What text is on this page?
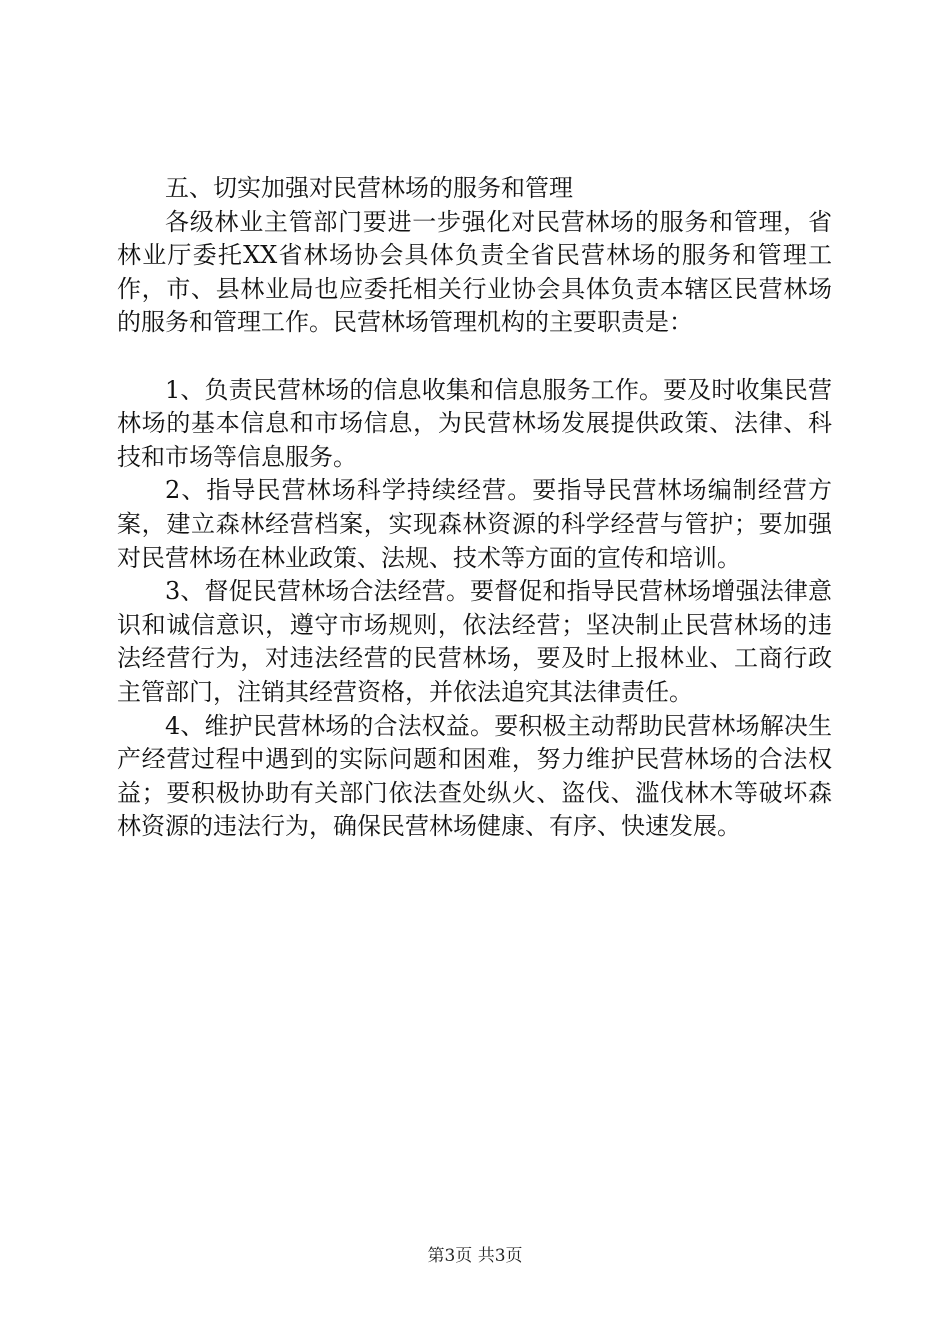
五、切实加强对民营林场的服务和管理

各级林业主管部门要进一步强化对民营林场的服务和管理，省林业厅委托XX省林场协会具体负责全省民营林场的服务和管理工作，市、县林业局也应委托相关行业协会具体负责本辖区民营林场的服务和管理工作。民营林场管理机构的主要职责是：

1、负责民营林场的信息收集和信息服务工作。要及时收集民营林场的基本信息和市场信息，为民营林场发展提供政策、法律、科技和市场等信息服务。

2、指导民营林场科学持续经营。要指导民营林场编制经营方案，建立森林经营档案，实现森林资源的科学经营与管护；要加强对民营林场在林业政策、法规、技术等方面的宣传和培训。

3、督促民营林场合法经营。要督促和指导民营林场增强法律意识和诚信意识，遵守市场规则，依法经营；坚决制止民营林场的违法经营行为，对违法经营的民营林场，要及时上报林业、工商行政主管部门，注销其经营资格，并依法追究其法律责任。

4、维护民营林场的合法权益。要积极主动帮助民营林场解决生产经营过程中遇到的实际问题和困难，努力维护民营林场的合法权益；要积极协助有关部门依法查处纵火、盗伐、滥伐林木等破坏森林资源的违法行为，确保民营林场健康、有序、快速发展。

第3页 共3页
